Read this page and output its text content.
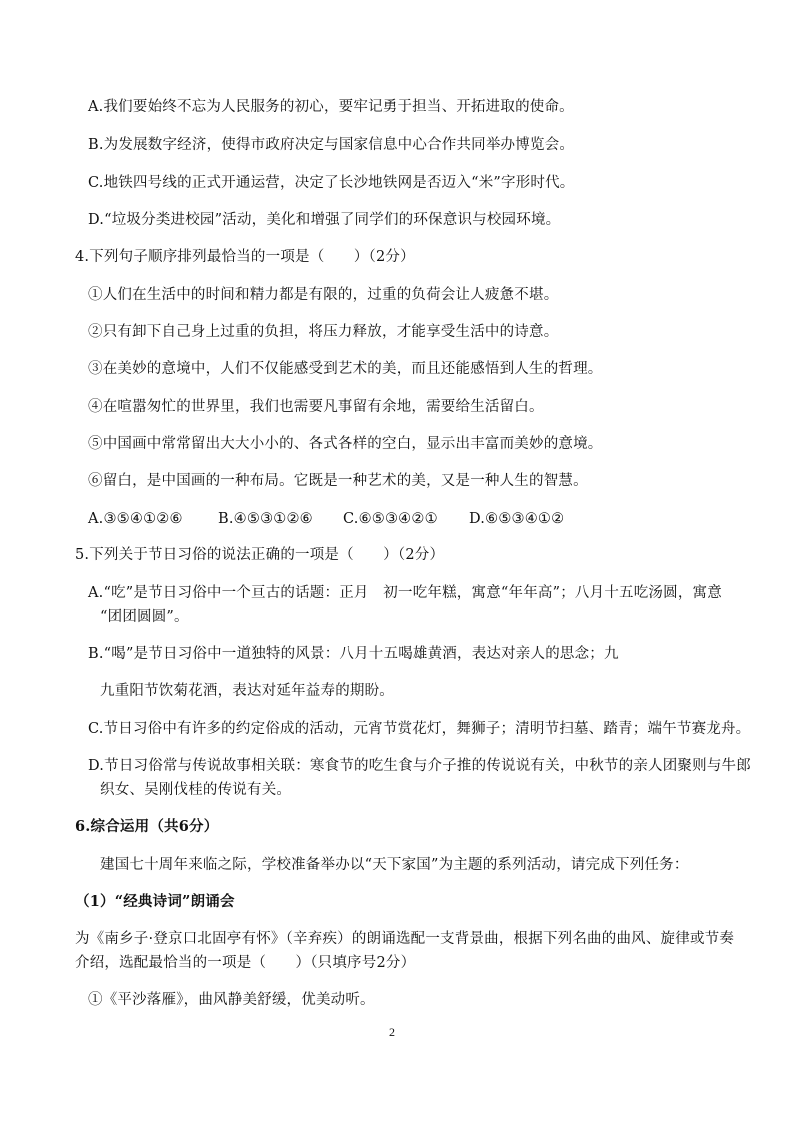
A.我们要始终不忘为人民服务的初心，要牢记勇于担当、开拓进取的使命。
B.为发展数字经济，使得市政府决定与国家信息中心合作共同举办博览会。
C.地铁四号线的正式开通运营，决定了长沙地铁网是否迈入“米”字形时代。
D.“垃圾分类进校园”活动，美化和增强了同学们的环保意识与校园环境。
4.下列句子顺序排列最恰当的一项是（　　）（2分）
①人们在生活中的时间和精力都是有限的，过重的负荷会让人疲惫不堪。
②只有卸下自己身上过重的负担，将压力释放，才能享受生活中的诗意。
③在美妙的意境中，人们不仅能感受到艺术的美，而且还能感悟到人生的哲理。
④在喧嚣匆忙的世界里，我们也需要凡事留有余地，需要给生活留白。
⑤中国画中常常留出大大小小的、各式各样的空白，显示出丰富而美妙的意境。
⑥留白，是中国画的一种布局。它既是一种艺术的美，又是一种人生的智慧。
A.③⑤④①②⑥ B.④⑤③①②⑥ C.⑥⑤③④②① D.⑥⑤③④①②
5.下列关于节日习俗的说法正确的一项是（　　）（2分）
A.“吃”是节日习俗中一个亘古的话题：正月　初一吃年糕，寓意“年年高”；八月十五吃汤圆，寓意
“团团圆圆”。
B.“喝”是节日习俗中一道独特的风景：八月十五喝雄黄酒，表达对亲人的思念；九
九重阳节饮菊花酒，表达对延年益寿的期盼。
C.节日习俗中有许多的约定俗成的活动，元宵节赏花灯，舞狮子；清明节扫墓、踏青；端午节赛龙舟。
D.节日习俗常与传说故事相关联：寒食节的吃生食与介子推的传说说有关，中秋节的亲人团聚则与牛郎
织女、吴刚伐桂的传说有关。
6.综合运用（共6分）
建国七十周年来临之际，学校准备举办以“天下家国”为主题的系列活动，请完成下列任务：
（1）“经典诗词”朗诵会
为《南乡子·登京口北固亭有怀》（辛弃疾）的朗诵选配一支背景曲，根据下列名曲的曲风、旋律或节奏
介绍，选配最恰当的一项是（　　）（只填序号2分）
①《平沙落雁》，曲风静美舒缓，优美动听。
2
